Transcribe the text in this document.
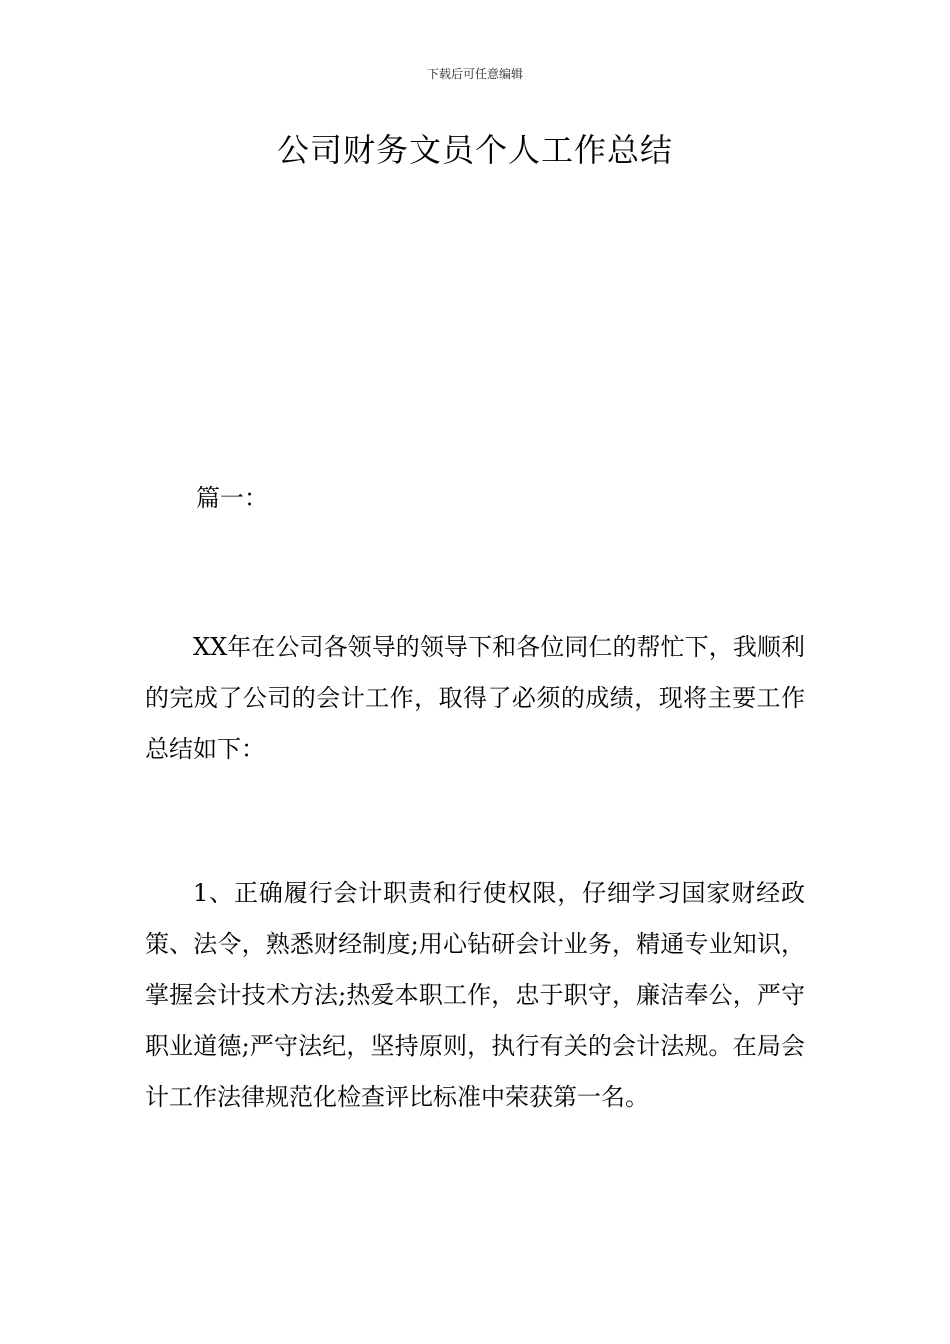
下载后可任意编辑
公司财务文员个人工作总结
篇一：

XX年在公司各领导的领导下和各位同仁的帮忙下，我顺利的完成了公司的会计工作，取得了必须的成绩，现将主要工作总结如下：

1、正确履行会计职责和行使权限，仔细学习国家财经政策、法令，熟悉财经制度;用心钻研会计业务，精通专业知识，掌握会计技术方法;热爱本职工作，忠于职守，廉洁奉公，严守职业道德;严守法纪，坚持原则，执行有关的会计法规。在局会计工作法律规范化检查评比标准中荣获第一名。
